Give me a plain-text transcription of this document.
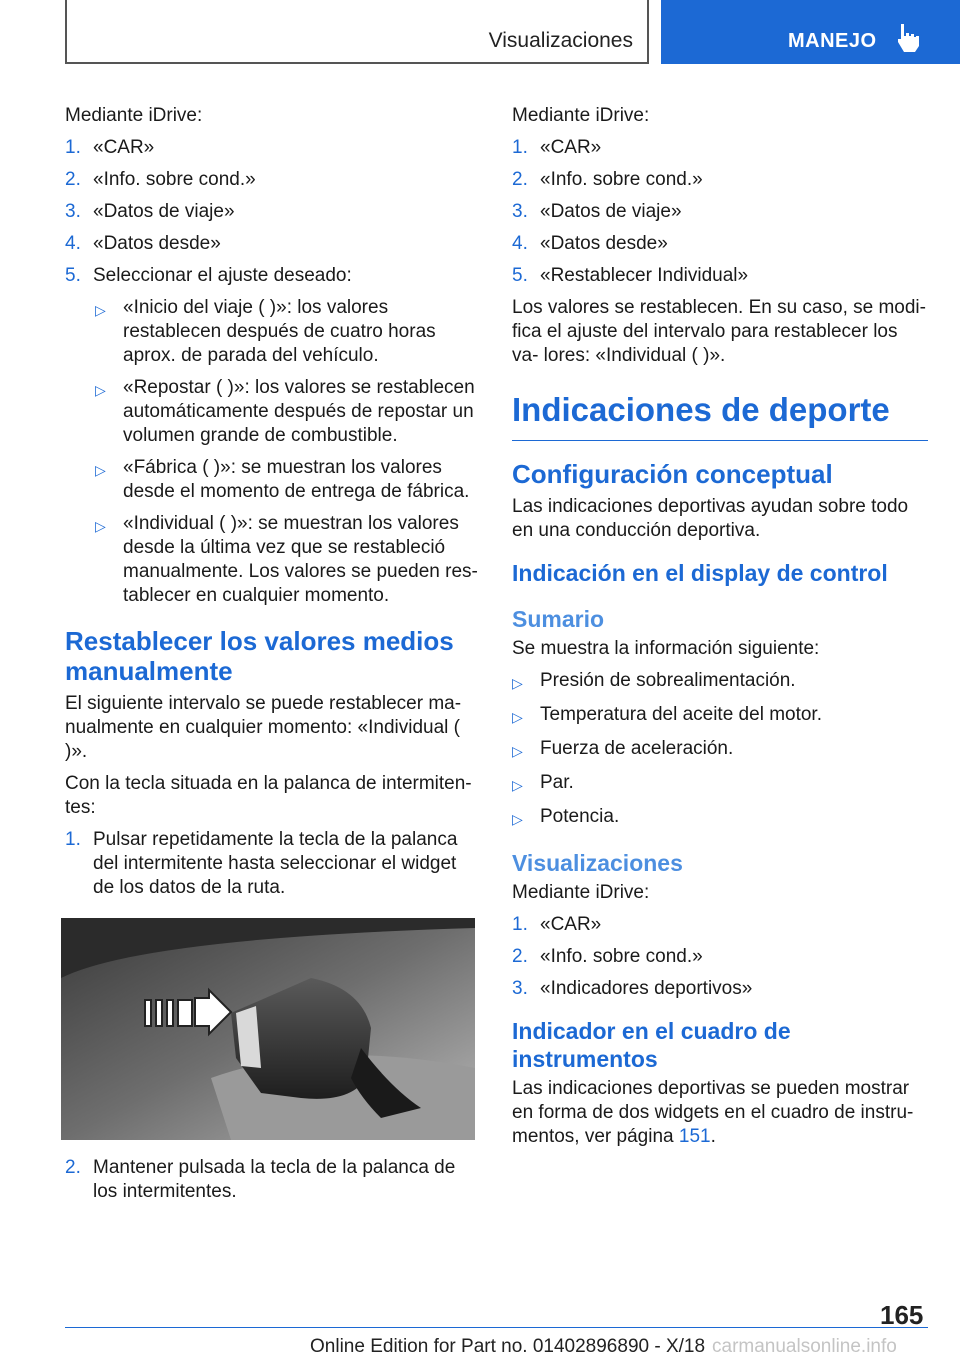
Visualizaciones	MANEJO

Mediante iDrive:

1. «CAR»
2. «Info. sobre cond.»
3. «Datos de viaje»
4. «Datos desde»
5. Seleccionar el ajuste deseado:
▷ «Inicio del viaje ( )»: los valores restablecen después de cuatro horas aprox. de parada del vehículo.
▷ «Repostar ( )»: los valores se restablecen automáticamente después de repostar un volumen grande de combustible.
▷ «Fábrica ( )»: se muestran los valores desde el momento de entrega de fábrica.
▷ «Individual ( )»: se muestran los valores desde la última vez que se restableció manualmente. Los valores se pueden res‐ tablecer en cualquier momento.
Restablecer los valores medios manualmente

El siguiente intervalo se puede restablecer ma‐ nualmente en cualquier momento: «Individual ( )».

Con la tecla situada en la palanca de intermiten‐ tes:

1. Pulsar repetidamente la tecla de la palanca del intermitente hasta seleccionar el widget de los datos de la ruta.
2. Mantener pulsada la tecla de la palanca de los intermitentes.

Mediante iDrive:

1. «CAR»
2. «Info. sobre cond.»
3. «Datos de viaje»
4. «Datos desde»
5. «Restablecer Individual»

Los valores se restablecen. En su caso, se modi‐ fica el ajuste del intervalo para restablecer los va‐ lores: «Individual ( )».

Indicaciones de deporte
Configuración conceptual

Las indicaciones deportivas ayudan sobre todo en una conducción deportiva.

Indicación en el display de control
Sumario

Se muestra la información siguiente:

▷ Presión de sobrealimentación.
▷ Temperatura del aceite del motor.
▷ Fuerza de aceleración.
▷ Par.
▷ Potencia.
Visualizaciones

Mediante iDrive:

1. «CAR»
2. «Info. sobre cond.»
3. «Indicadores deportivos»
Indicador en el cuadro de instrumentos

Las indicaciones deportivas se pueden mostrar en forma de dos widgets en el cuadro de instru‐ mentos, ver página 151.

165
Online Edition for Part no. 01402896890 - X/18 carmanualsonline.info
